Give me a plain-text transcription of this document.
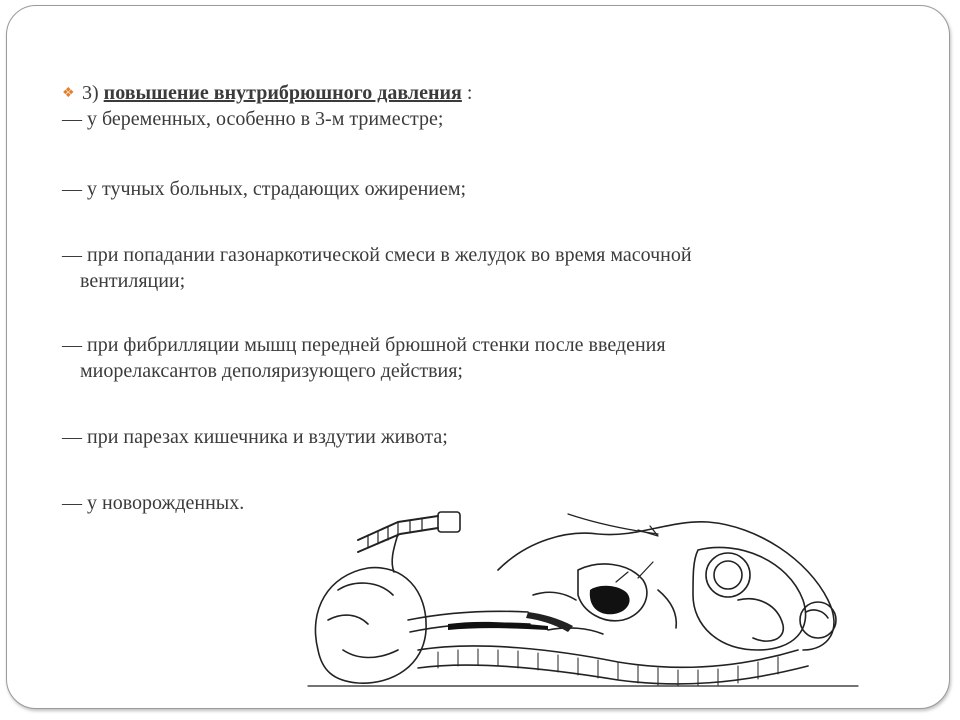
❖ 3) повышение внутрибрюшного давления :
— у беременных, особенно в 3-м триместре;
— у тучных больных, страдающих ожирением;
— при попадании газонаркотической смеси в желудок во время масочной
вентиляции;
— при фибрилляции мышц передней брюшной стенки после введения
миорелаксантов деполяризующего действия;
— при парезах кишечника и вздутии живота;
— у новорожденных.
